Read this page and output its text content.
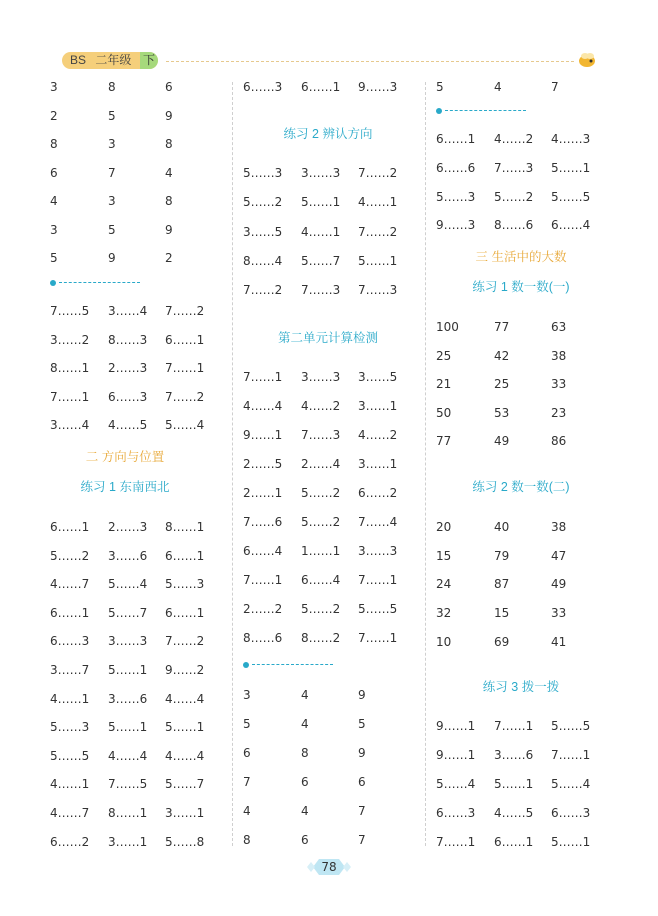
BS 二年级 下
3	8	6
2	5	9
8	3	8
6	7	4
4	3	8
3	5	9
5	9	2
7……5 3……4 7……2
3……2 8……3 6……1
8……1 2……3 7……1
7……1 6……3 7……2
3……4 4……5 5……4
二 方向与位置
练习 1 东南西北
6……1 2……3 8……1
5……2 3……6 6……1
4……7 5……4 5……3
6……1 5……7 6……1
6……3 3……3 7……2
3……7 5……1 9……2
4……1 3……6 4……4
5……3 5……1 5……1
5……5 4……4 4……4
4……1 7……5 5……7
4……7 8……1 3……1
6……2 3……1 5……8
6……3 6……1 9……3
练习 2 辨认方向
5……3 3……3 7……2
5……2 5……1 4……1
3……5 4……1 7……2
8……4 5……7 5……1
7……2 7……3 7……3
第二单元计算检测
7……1 3……3 3……5
4……4 4……2 3……1
9……1 7……3 4……2
2……5 2……4 3……1
2……1 5……2 6……2
7……6 5……2 7……4
6……4 1……1 3……3
7……1 6……4 7……1
2……2 5……2 5……5
8……6 8……2 7……1
3	4	9
5	4	5
6	8	9
7	6	6
4	4	7
8	6	7
5	4	7
6……1 4……2 4……3
6……6 7……3 5……1
5……3 5……2 5……5
9……3 8……6 6……4
三 生活中的大数
练习 1 数一数(一)
100	77	63
25	42	38
21	25	33
50	53	23
77	49	86
练习 2 数一数(二)
20	40	38
15	79	47
24	87	49
32	15	33
10	69	41
练习 3 拨一拨
9……1 7……1 5……5
9……1 3……6 7……1
5……4 5……1 5……4
6……3 4……5 6……3
7……1 6……1 5……1
78
